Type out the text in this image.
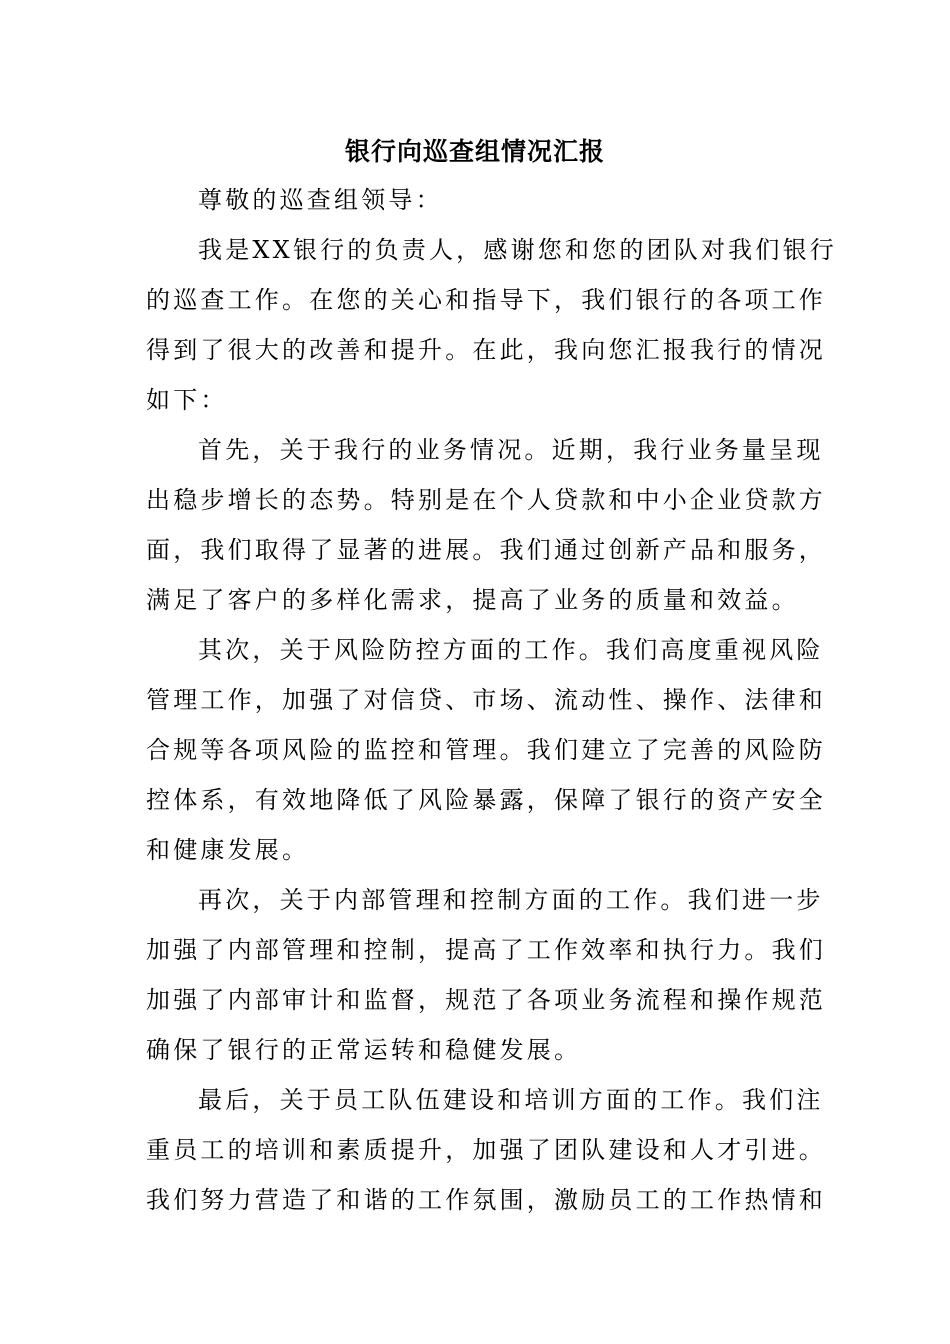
银行向巡查组情况汇报
尊敬的巡查组领导：
我是XX银行的负责人，感谢您和您的团队对我们银行
的巡查工作。在您的关心和指导下，我们银行的各项工作
得到了很大的改善和提升。在此，我向您汇报我行的情况
如下：
首先，关于我行的业务情况。近期，我行业务量呈现
出稳步增长的态势。特别是在个人贷款和中小企业贷款方
面，我们取得了显著的进展。我们通过创新产品和服务，
满足了客户的多样化需求，提高了业务的质量和效益。
其次，关于风险防控方面的工作。我们高度重视风险
管理工作，加强了对信贷、市场、流动性、操作、法律和
合规等各项风险的监控和管理。我们建立了完善的风险防
控体系，有效地降低了风险暴露，保障了银行的资产安全
和健康发展。
再次，关于内部管理和控制方面的工作。我们进一步
加强了内部管理和控制，提高了工作效率和执行力。我们
加强了内部审计和监督，规范了各项业务流程和操作规范
确保了银行的正常运转和稳健发展。
最后，关于员工队伍建设和培训方面的工作。我们注
重员工的培训和素质提升，加强了团队建设和人才引进。
我们努力营造了和谐的工作氛围，激励员工的工作热情和
